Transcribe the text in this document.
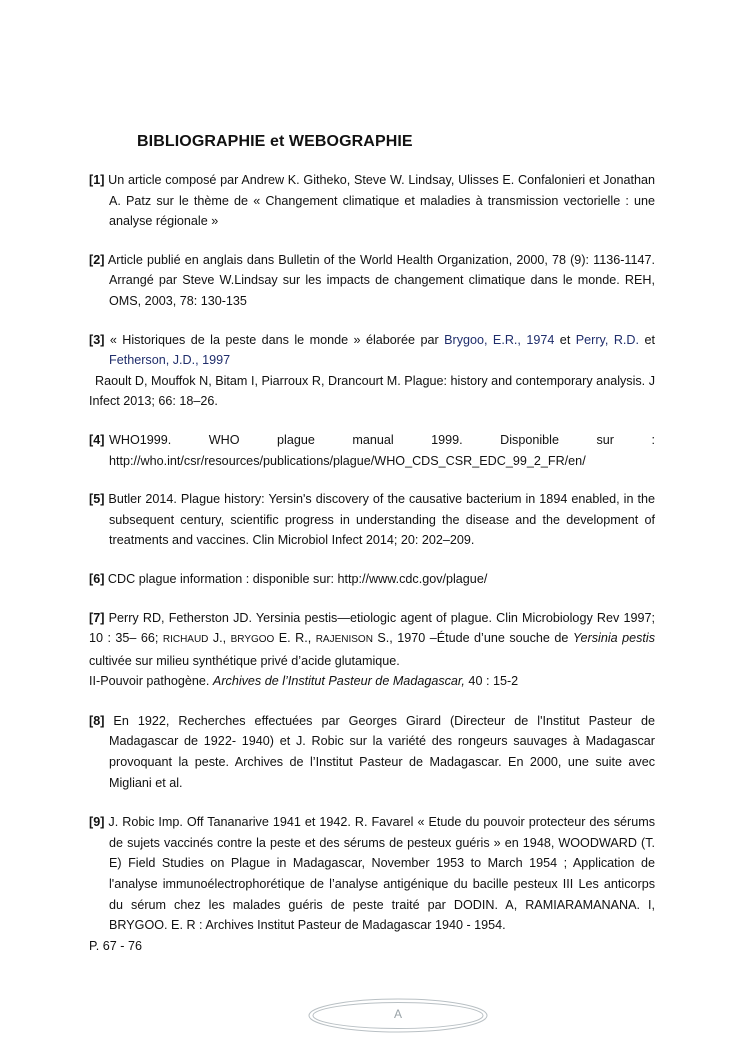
BIBLIOGRAPHIE et WEBOGRAPHIE

[1] Un article composé par Andrew K. Githeko, Steve W. Lindsay, Ulisses E. Confalonieri et Jonathan A. Patz sur le thème de « Changement climatique et maladies à transmission vectorielle : une analyse régionale »

[2] Article publié en anglais dans Bulletin of the World Health Organization, 2000, 78 (9): 1136-1147. Arrangé par Steve W.Lindsay sur les impacts de changement climatique dans le monde. REH, OMS, 2003, 78: 130-135

[3] « Historiques de la peste dans le monde » élaborée par Brygoo, E.R., 1974 et Perry, R.D. et Fetherson, J.D., 1997

Raoult D, Mouffok N, Bitam I, Piarroux R, Drancourt M. Plague: history and contemporary analysis. J Infect 2013; 66: 18–26.

[4] WHO1999.	WHO	plague	manual	1999.	Disponible	sur	:

http://who.int/csr/resources/publications/plague/WHO_CDS_CSR_EDC_99_2_FR/en/

[5] Butler 2014. Plague history: Yersin's discovery of the causative bacterium in 1894 enabled, in the subsequent century, scientific progress in understanding the disease and the development of treatments and vaccines. Clin Microbiol Infect 2014; 20: 202–209.

[6] CDC plague information : disponible sur: http://www.cdc.gov/plague/

[7] Perry RD, Fetherston JD. Yersinia pestis—etiologic agent of plague. Clin Microbiology Rev 1997; 10 : 35– 66; RICHAUD J., BRYGOO E. R., RAJENISON S., 1970 –Étude d’une souche de Yersinia pestis cultivée sur milieu synthétique privé d’acide glutamique.

II-Pouvoir pathogène. Archives de l’Institut Pasteur de Madagascar, 40 : 15-2

[8] En 1922, Recherches effectuées par Georges Girard (Directeur de l'Institut Pasteur de Madagascar de 1922- 1940) et J. Robic sur la variété des rongeurs sauvages à Madagascar provoquant la peste. Archives de l’Institut Pasteur de Madagascar. En 2000, une suite avec Migliani et al.

[9] J. Robic Imp. Off Tananarive 1941 et 1942. R. Favarel « Etude du pouvoir protecteur des sérums de sujets vaccinés contre la peste et des sérums de pesteux guéris » en 1948, WOODWARD (T. E) Field Studies on Plague in Madagascar, November 1953 to March 1954 ; Application de l'analyse immunoélectrophorétique de l’analyse antigénique du bacille pesteux III Les anticorps du sérum chez les malades guéris de peste traité par DODIN. A, RAMIARAMANANA. I, BRYGOO. E. R : Archives Institut Pasteur de Madagascar 1940 - 1954.

P. 67 - 76

A
